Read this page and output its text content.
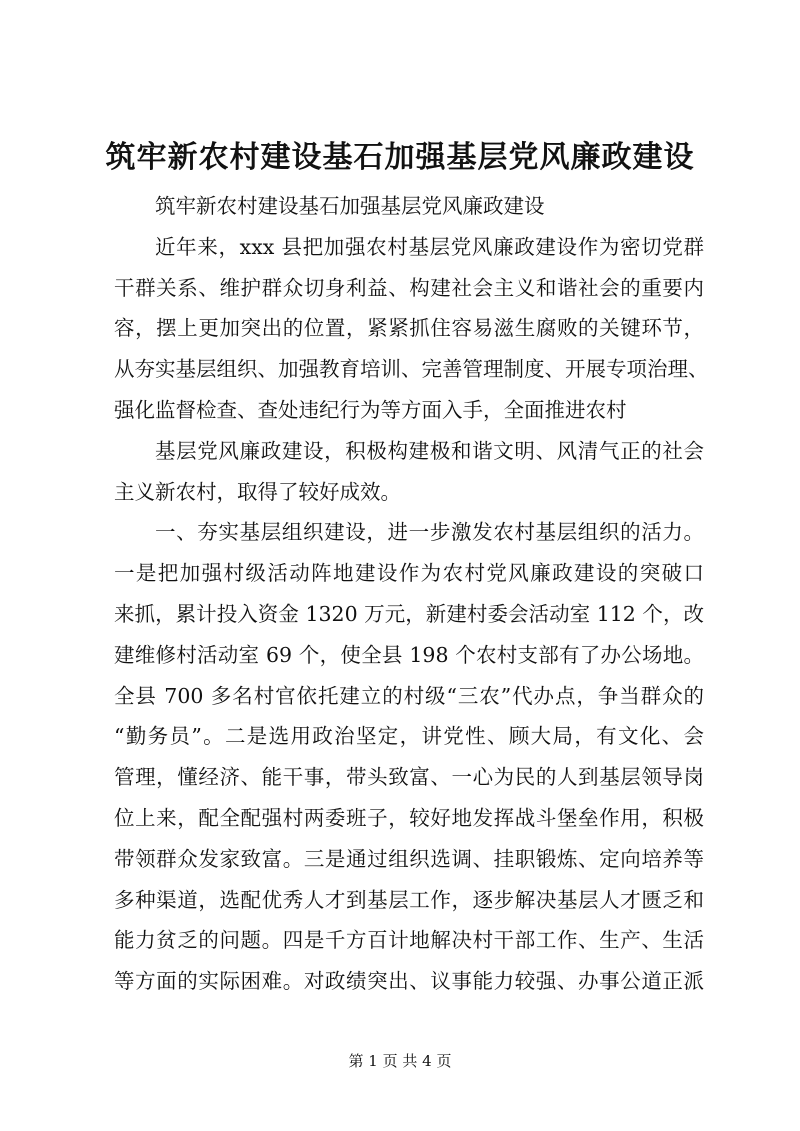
筑牢新农村建设基石加强基层党风廉政建设
筑牢新农村建设基石加强基层党风廉政建设
近年来，xxx 县把加强农村基层党风廉政建设作为密切党群
干群关系、维护群众切身利益、构建社会主义和谐社会的重要内
容，摆上更加突出的位置，紧紧抓住容易滋生腐败的关键环节，
从夯实基层组织、加强教育培训、完善管理制度、开展专项治理、
强化监督检查、查处违纪行为等方面入手，全面推进农村
基层党风廉政建设，积极构建极和谐文明、风清气正的社会
主义新农村，取得了较好成效。
一、夯实基层组织建设，进一步激发农村基层组织的活力。
一是把加强村级活动阵地建设作为农村党风廉政建设的突破口
来抓，累计投入资金 1320 万元，新建村委会活动室 112 个，改
建维修村活动室 69 个，使全县 198 个农村支部有了办公场地。
全县 700 多名村官依托建立的村级“三农”代办点，争当群众的
“勤务员”。二是选用政治坚定，讲党性、顾大局，有文化、会
管理，懂经济、能干事，带头致富、一心为民的人到基层领导岗
位上来，配全配强村两委班子，较好地发挥战斗堡垒作用，积极
带领群众发家致富。三是通过组织选调、挂职锻炼、定向培养等
多种渠道，选配优秀人才到基层工作，逐步解决基层人才匮乏和
能力贫乏的问题。四是千方百计地解决村干部工作、生产、生活
等方面的实际困难。对政绩突出、议事能力较强、办事公道正派
第 1 页 共 4 页
